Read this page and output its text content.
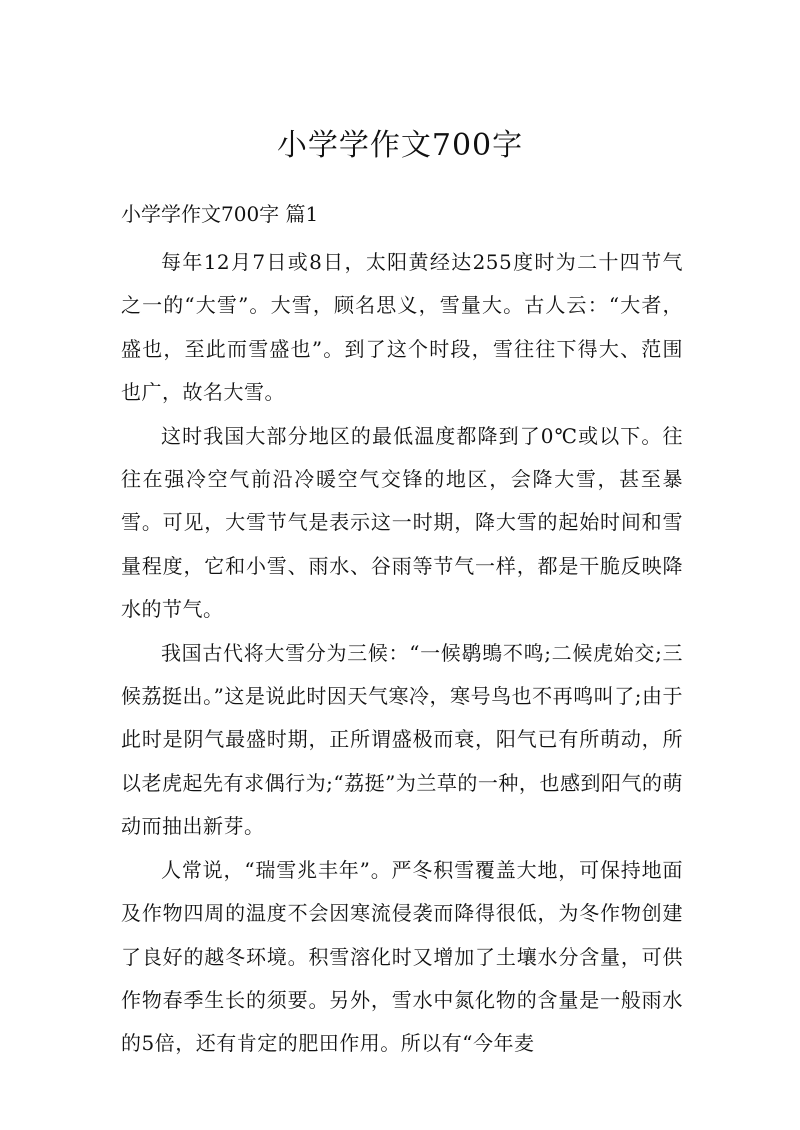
小学学作文700字

小学学作文700字 篇1

每年12月7日或8日，太阳黄经达255度时为二十四节气之一的“大雪”。大雪，顾名思义，雪量大。古人云：“大者，盛也，至此而雪盛也”。到了这个时段，雪往往下得大、范围也广，故名大雪。

这时我国大部分地区的最低温度都降到了0℃或以下。往往在强冷空气前沿冷暖空气交锋的地区，会降大雪，甚至暴雪。可见，大雪节气是表示这一时期，降大雪的起始时间和雪量程度，它和小雪、雨水、谷雨等节气一样，都是干脆反映降水的节气。

我国古代将大雪分为三候：“一候鹖鴠不鸣;二候虎始交;三候荔挺出。”这是说此时因天气寒冷，寒号鸟也不再鸣叫了;由于此时是阴气最盛时期，正所谓盛极而衰，阳气已有所萌动，所以老虎起先有求偶行为;“荔挺”为兰草的一种，也感到阳气的萌动而抽出新芽。

人常说，“瑞雪兆丰年”。严冬积雪覆盖大地，可保持地面及作物四周的温度不会因寒流侵袭而降得很低，为冬作物创建了良好的越冬环境。积雪溶化时又增加了土壤水分含量，可供作物春季生长的须要。另外，雪水中氮化物的含量是一般雨水的5倍，还有肯定的肥田作用。所以有“今年麦
